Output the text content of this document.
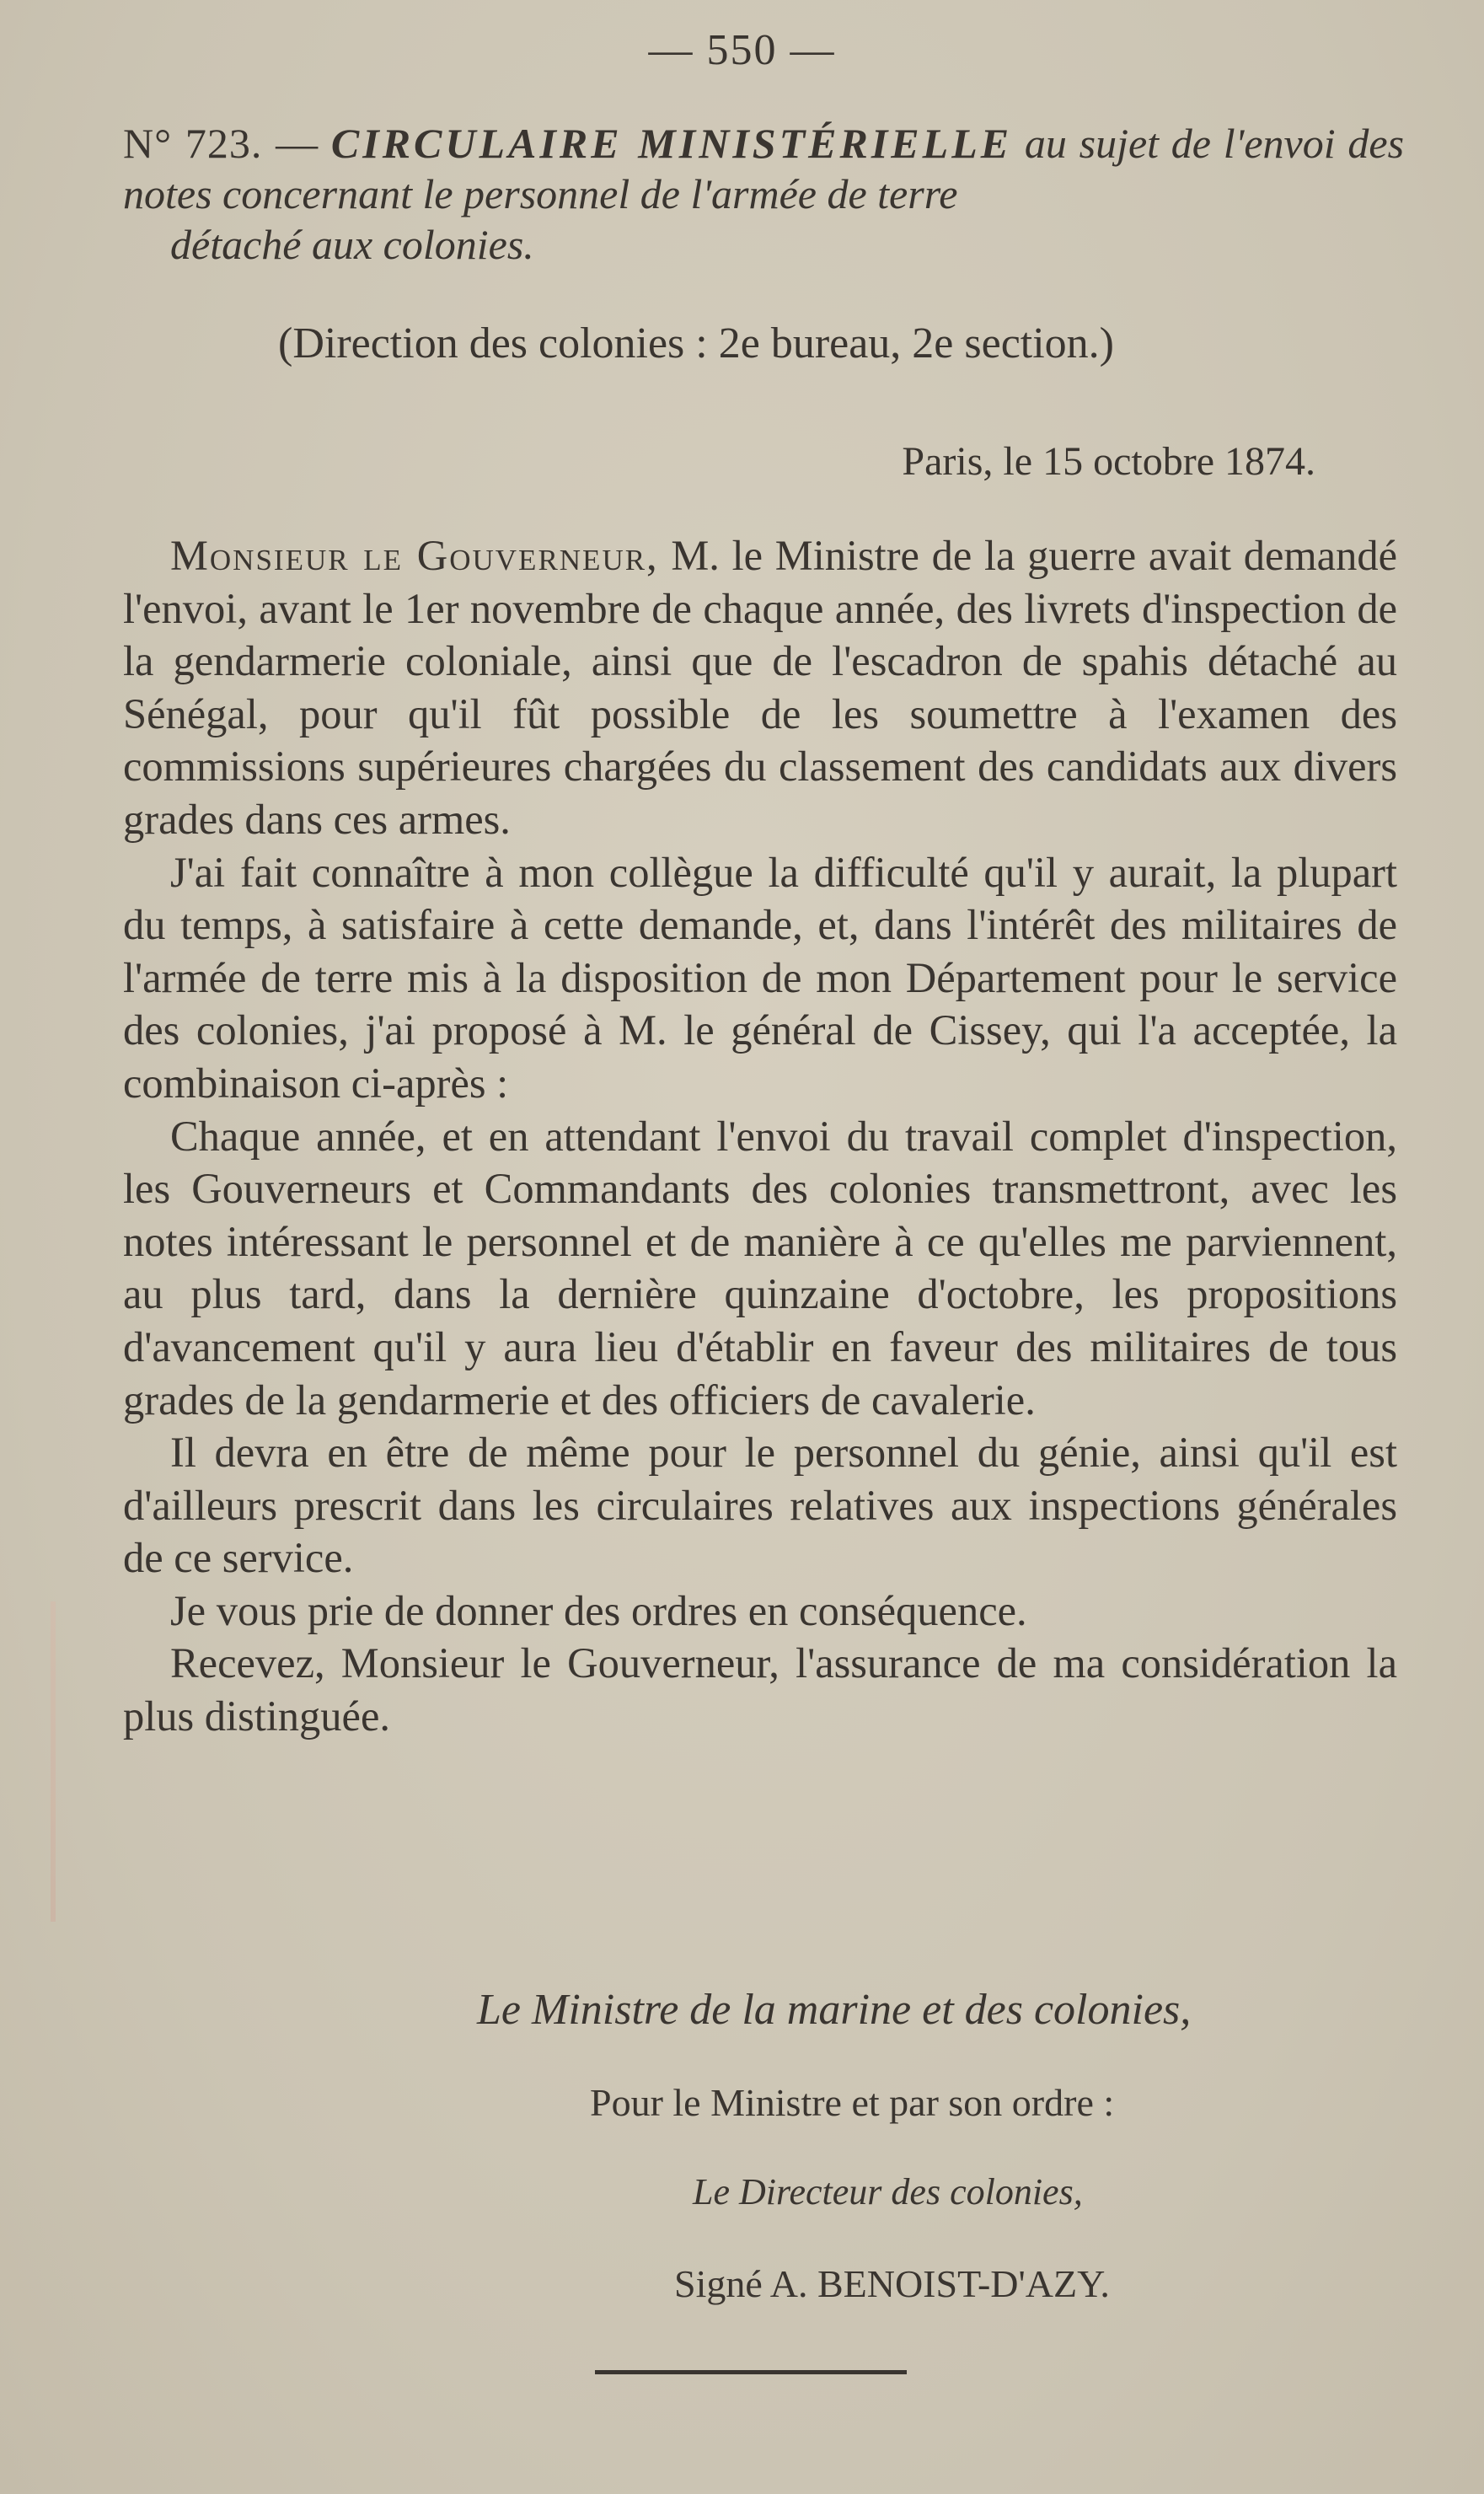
— 550 —
N° 723. — CIRCULAIRE MINISTÉRIELLE au sujet de l'envoi des notes concernant le personnel de l'armée de terre
détaché aux colonies.
(Direction des colonies : 2e bureau, 2e section.)
Paris, le 15 octobre 1874.

Monsieur le Gouverneur, M. le Ministre de la guerre avait demandé l'envoi, avant le 1er novembre de chaque année, des livrets d'inspection de la gendarmerie coloniale, ainsi que de l'escadron de spahis détaché au Sénégal, pour qu'il fût possible de les soumettre à l'examen des commissions supérieures chargées du classement des candidats aux divers grades dans ces armes.

J'ai fait connaître à mon collègue la difficulté qu'il y aurait, la plupart du temps, à satisfaire à cette demande, et, dans l'intérêt des militaires de l'armée de terre mis à la disposition de mon Département pour le service des colonies, j'ai proposé à M. le général de Cissey, qui l'a acceptée, la combinaison ci-après :

Chaque année, et en attendant l'envoi du travail complet d'inspection, les Gouverneurs et Commandants des colonies transmettront, avec les notes intéressant le personnel et de manière à ce qu'elles me parviennent, au plus tard, dans la dernière quinzaine d'octobre, les propositions d'avancement qu'il y aura lieu d'établir en faveur des militaires de tous grades de la gendarmerie et des officiers de cavalerie.

Il devra en être de même pour le personnel du génie, ainsi qu'il est d'ailleurs prescrit dans les circulaires relatives aux inspections générales de ce service.

Je vous prie de donner des ordres en conséquence.

Recevez, Monsieur le Gouverneur, l'assurance de ma considération la plus distinguée.

Le Ministre de la marine et des colonies,
Pour le Ministre et par son ordre :
Le Directeur des colonies,
Signé A. BENOIST-D'AZY.
